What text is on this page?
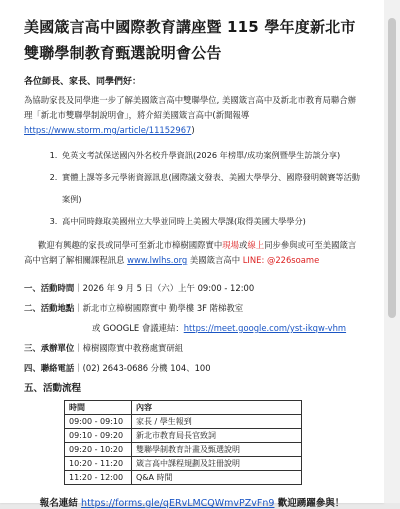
美國箴言高中國際教育講座暨 115 學年度新北市雙聯學制教育甄選說明會公告
各位師長、家長、同學們好：

為協助家長及同學進一步了解美國箴言高中雙聯學位, 美國箴言高中及新北市教育局聯合辦理「新北市雙聯學制說明會」，將介紹美國箴言高中(新聞報導 https://www.storm.mg/article/11152967)

1. 免英文考試保送國內外名校升學資訊(2026 年榜單/成功案例暨學生訪談分享)
2. 實體上課等多元學術資源訊息(國際議文發表、美國大學學分、國際發明競賽等活動案例)
3. 高中同時錄取美國州立大學並同時上美國大學課(取得美國大學學分)

歡迎有興趣的家長或同學可至新北市樟樹國際實中現場或線上同步參與或可至美國箴言高中官網了解相關課程訊息 www.lwlhs.org 美國箴言高中 LINE: @226soame

一、活動時間｜2026 年 9 月 5 日（六）上午 09:00 - 12:00
二、活動地點｜新北市立樟樹國際實中 勤學樓 3F 階梯教室
或 GOOGLE 會議連結：https://meet.google.com/yst-ikqw-vhm
三、承辦單位｜樟樹國際實中教務處實研組
四、聯絡電話｜(02) 2643-0686 分機 104、100
五、活動流程
時間	內容
09:00 - 09:10	家長 / 學生報到
09:10 - 09:20	新北市教育局長官致詞
09:20 - 10:20	雙聯學制教育計畫及甄選說明
10:20 - 11:20	箴言高中課程規劃及註冊說明
11:20 - 12:00	Q&A 時間
報名連結 https://forms.gle/qERvLMCQWmvPZvFn9 歡迎踴躍參與！
